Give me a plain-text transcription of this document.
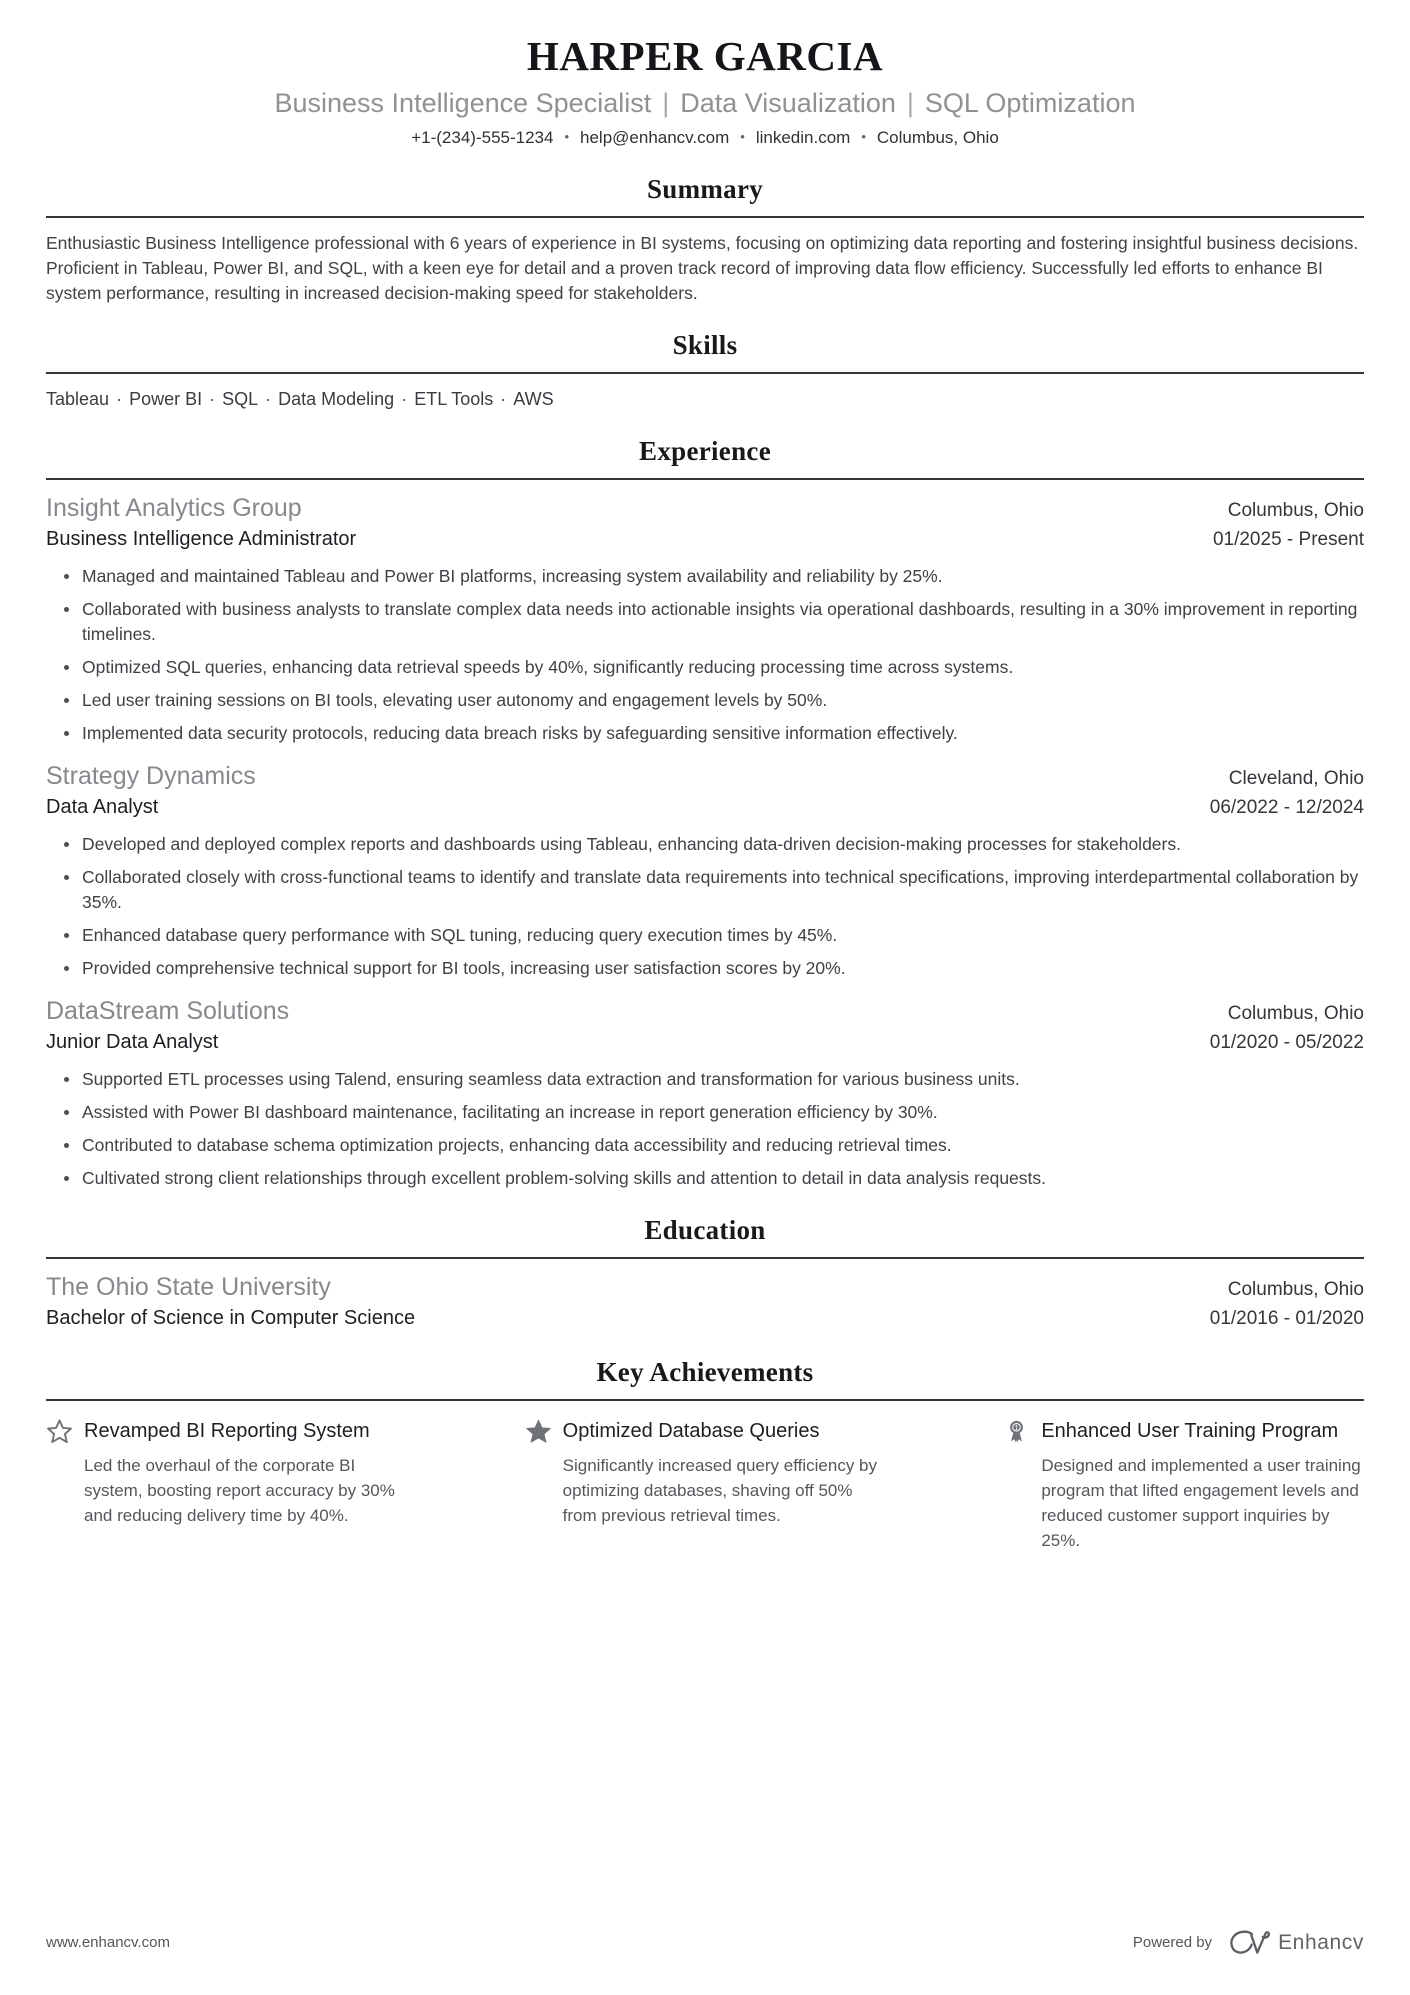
HARPER GARCIA
Business Intelligence Specialist | Data Visualization | SQL Optimization
+1-(234)-555-1234 • help@enhancv.com • linkedin.com • Columbus, Ohio
Summary

Enthusiastic Business Intelligence professional with 6 years of experience in BI systems, focusing on optimizing data reporting and fostering insightful business decisions. Proficient in Tableau, Power BI, and SQL, with a keen eye for detail and a proven track record of improving data flow efficiency. Successfully led efforts to enhance BI system performance, resulting in increased decision-making speed for stakeholders.

Skills
Tableau · Power BI · SQL · Data Modeling · ETL Tools · AWS
Experience
Insight Analytics Group	Columbus, Ohio
Business Intelligence Administrator	01/2025 - Present
Managed and maintained Tableau and Power BI platforms, increasing system availability and reliability by 25%.
Collaborated with business analysts to translate complex data needs into actionable insights via operational dashboards, resulting in a 30% improvement in reporting timelines.
Optimized SQL queries, enhancing data retrieval speeds by 40%, significantly reducing processing time across systems.
Led user training sessions on BI tools, elevating user autonomy and engagement levels by 50%.
Implemented data security protocols, reducing data breach risks by safeguarding sensitive information effectively.
Strategy Dynamics	Cleveland, Ohio
Data Analyst	06/2022 - 12/2024
Developed and deployed complex reports and dashboards using Tableau, enhancing data-driven decision-making processes for stakeholders.
Collaborated closely with cross-functional teams to identify and translate data requirements into technical specifications, improving interdepartmental collaboration by 35%.
Enhanced database query performance with SQL tuning, reducing query execution times by 45%.
Provided comprehensive technical support for BI tools, increasing user satisfaction scores by 20%.
DataStream Solutions	Columbus, Ohio
Junior Data Analyst	01/2020 - 05/2022
Supported ETL processes using Talend, ensuring seamless data extraction and transformation for various business units.
Assisted with Power BI dashboard maintenance, facilitating an increase in report generation efficiency by 30%.
Contributed to database schema optimization projects, enhancing data accessibility and reducing retrieval times.
Cultivated strong client relationships through excellent problem-solving skills and attention to detail in data analysis requests.
Education
The Ohio State University	Columbus, Ohio
Bachelor of Science in Computer Science	01/2016 - 01/2020
Key Achievements
Revamped BI Reporting System

Led the overhaul of the corporate BI system, boosting report accuracy by 30% and reducing delivery time by 40%.

Optimized Database Queries

Significantly increased query efficiency by optimizing databases, shaving off 50% from previous retrieval times.

1 Enhanced User Training Program

Designed and implemented a user training program that lifted engagement levels and reduced customer support inquiries by 25%.

www.enhancv.com	Powered by	Enhancv
